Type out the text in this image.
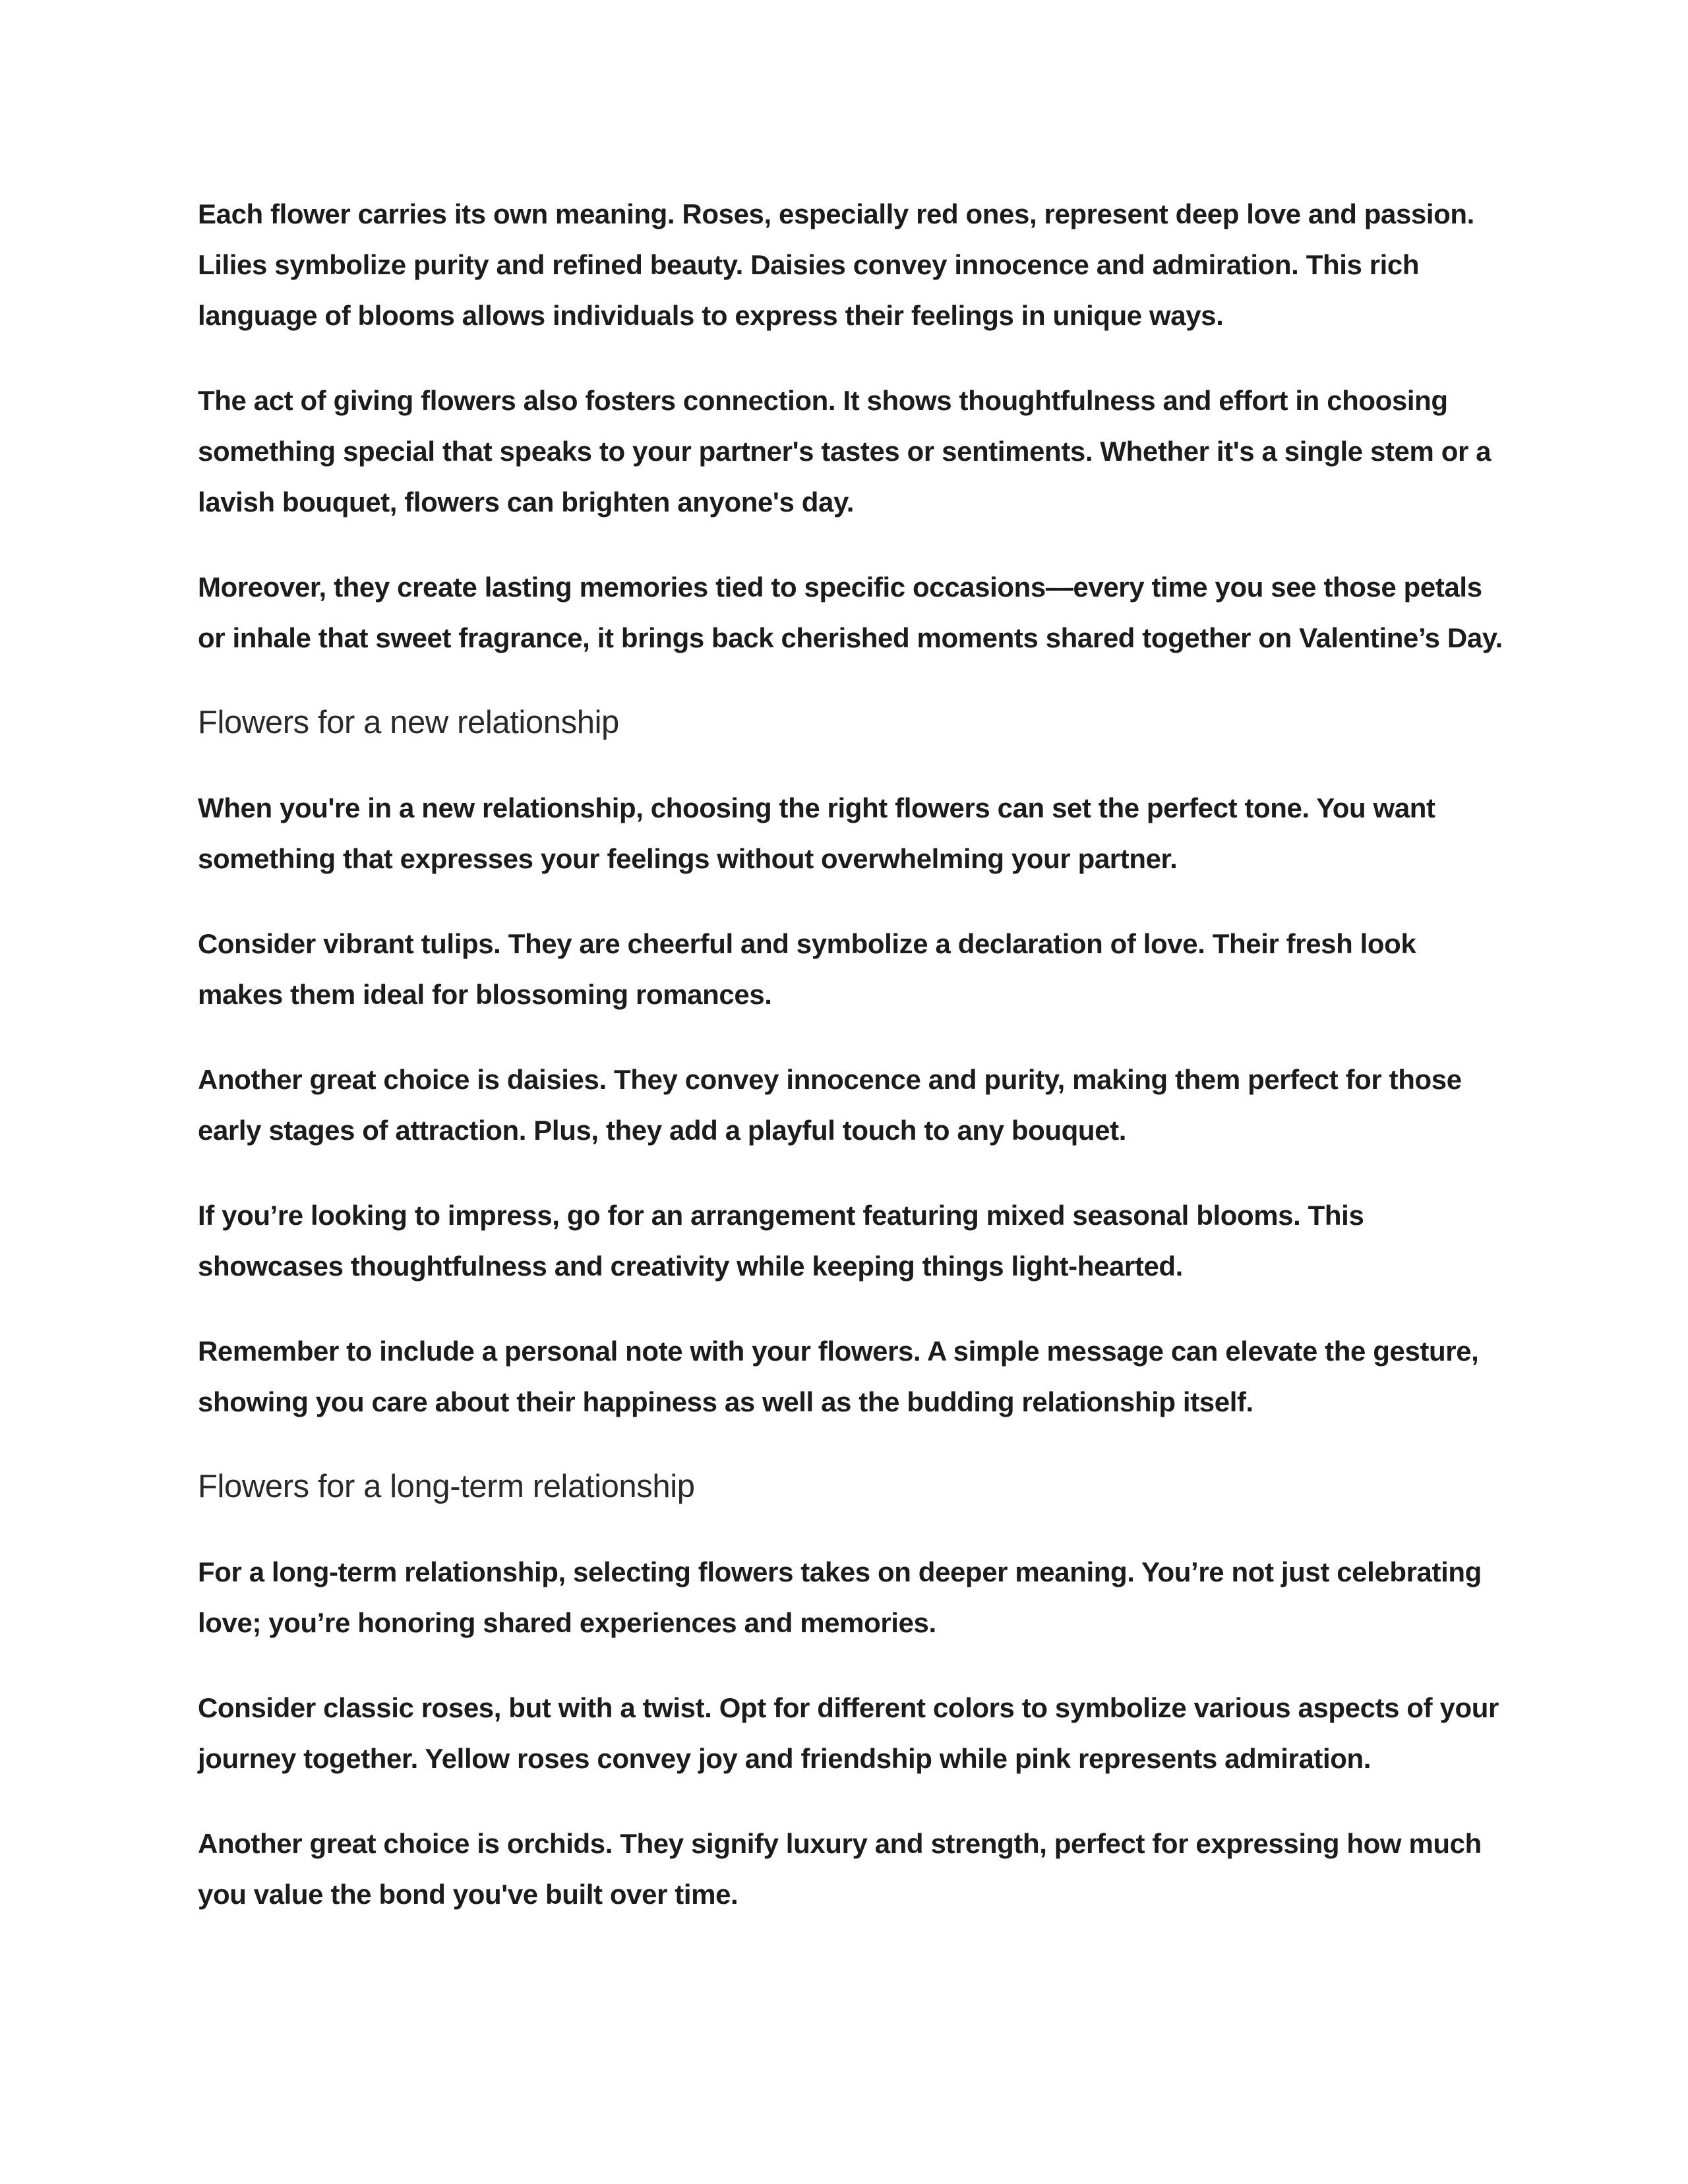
Each flower carries its own meaning. Roses, especially red ones, represent deep love and passion. Lilies symbolize purity and refined beauty. Daisies convey innocence and admiration. This rich language of blooms allows individuals to express their feelings in unique ways.

The act of giving flowers also fosters connection. It shows thoughtfulness and effort in choosing something special that speaks to your partner's tastes or sentiments. Whether it's a single stem or a lavish bouquet, flowers can brighten anyone's day.

Moreover, they create lasting memories tied to specific occasions—every time you see those petals or inhale that sweet fragrance, it brings back cherished moments shared together on Valentine’s Day.

Flowers for a new relationship

When you're in a new relationship, choosing the right flowers can set the perfect tone. You want something that expresses your feelings without overwhelming your partner.

Consider vibrant tulips. They are cheerful and symbolize a declaration of love. Their fresh look makes them ideal for blossoming romances.

Another great choice is daisies. They convey innocence and purity, making them perfect for those early stages of attraction. Plus, they add a playful touch to any bouquet.

If you’re looking to impress, go for an arrangement featuring mixed seasonal blooms. This showcases thoughtfulness and creativity while keeping things light-hearted.

Remember to include a personal note with your flowers. A simple message can elevate the gesture, showing you care about their happiness as well as the budding relationship itself.

Flowers for a long-term relationship

For a long-term relationship, selecting flowers takes on deeper meaning. You’re not just celebrating love; you’re honoring shared experiences and memories.

Consider classic roses, but with a twist. Opt for different colors to symbolize various aspects of your journey together. Yellow roses convey joy and friendship while pink represents admiration.

Another great choice is orchids. They signify luxury and strength, perfect for expressing how much you value the bond you've built over time.
